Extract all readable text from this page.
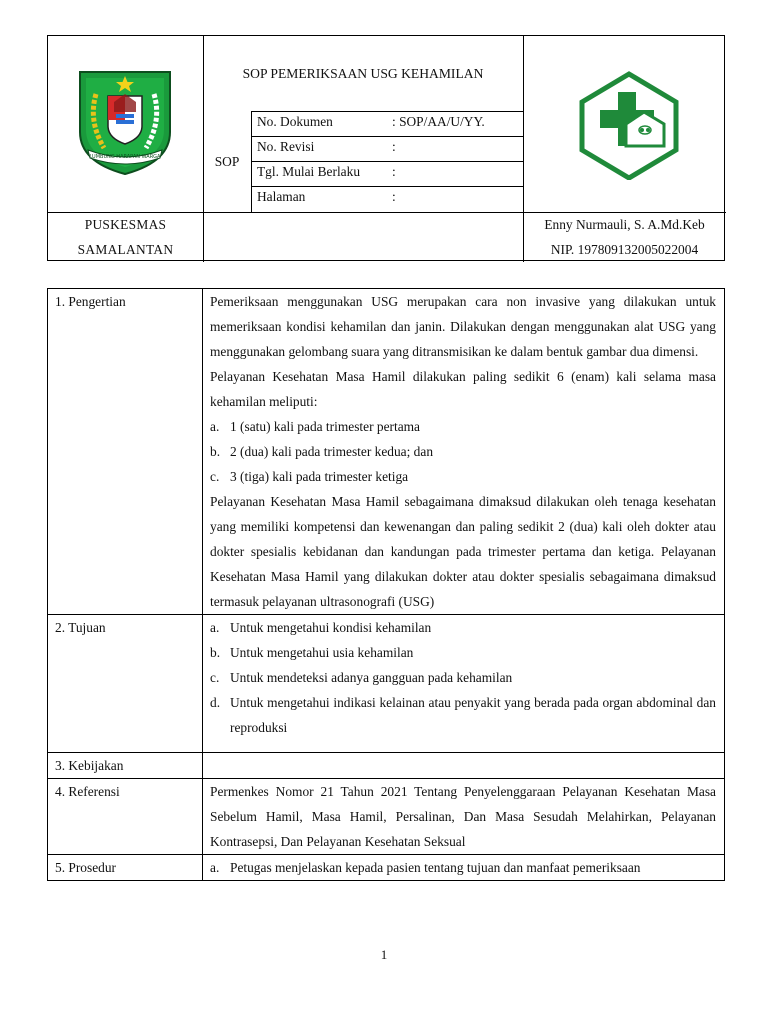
SOP PEMERIKSAAN USG KEHAMILAN
SOP
No. Dokumen	: SOP/AA/U/YY.
No. Revisi	:
Tgl. Mulai Berlaku :
Halaman	:
PUSKESMAS
SAMALANTAN
Enny Nurmauli, S. A.Md.Keb
NIP. 197809132005022004
LUMBUNG HARAPAN WARGA
1. Pengertian	Pemeriksaan menggunakan USG merupakan cara non invasive yang dilakukan untuk memeriksaan kondisi kehamilan dan janin. Dilakukan dengan menggunakan alat USG yang menggunakan gelombang suara yang ditransmisikan ke dalam bentuk gambar dua dimensi.

Pelayanan Kesehatan Masa Hamil dilakukan paling sedikit 6 (enam) kali selama masa kehamilan meliputi:

a. 1 (satu) kali pada trimester pertama
b. 2 (dua) kali pada trimester kedua; dan
c. 3 (tiga) kali pada trimester ketiga

Pelayanan Kesehatan Masa Hamil sebagaimana dimaksud dilakukan oleh tenaga kesehatan yang memiliki kompetensi dan kewenangan dan paling sedikit 2 (dua) kali oleh dokter atau dokter spesialis kebidanan dan kandungan pada trimester pertama dan ketiga. Pelayanan Kesehatan Masa Hamil yang dilakukan dokter atau dokter spesialis sebagaimana dimaksud termasuk pelayanan ultrasonografi (USG)

2. Tujuan	a. Untuk mengetahui kondisi kehamilan
b. Untuk mengetahui usia kehamilan
c. Untuk mendeteksi adanya gangguan pada kehamilan
d. Untuk mengetahui indikasi kelainan atau penyakit yang berada pada organ abdominal dan reproduksi
3. Kebijakan
4. Referensi	Permenkes Nomor 21 Tahun 2021 Tentang Penyelenggaraan Pelayanan Kesehatan Masa Sebelum Hamil, Masa Hamil, Persalinan, Dan Masa Sesudah Melahirkan, Pelayanan Kontrasepsi, Dan Pelayanan Kesehatan Seksual
5. Prosedur	a. Petugas menjelaskan kepada pasien tentang tujuan dan manfaat pemeriksaan
1
